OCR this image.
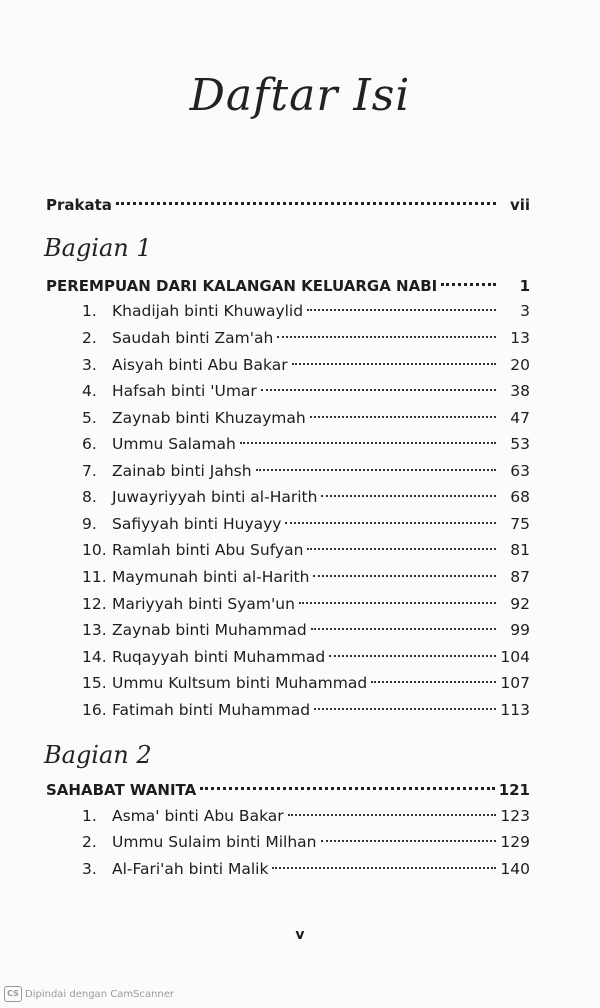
Daftar Isi
Prakata	vii
Bagian 1
PEREMPUAN DARI KALANGAN KELUARGA NABI	1
1. Khadijah binti Khuwaylid	3
2. Saudah binti Zam'ah	13
3. Aisyah binti Abu Bakar	20
4. Hafsah binti 'Umar	38
5. Zaynab binti Khuzaymah	47
6. Ummu Salamah	53
7. Zainab binti Jahsh	63
8. Juwayriyyah binti al-Harith	68
9. Safiyyah binti Huyayy	75
10. Ramlah binti Abu Sufyan	81
11. Maymunah binti al-Harith	87
12. Mariyyah binti Syam'un	92
13. Zaynab binti Muhammad	99
14. Ruqayyah binti Muhammad	104
15. Ummu Kultsum binti Muhammad	107
16. Fatimah binti Muhammad	113
Bagian 2
SAHABAT WANITA	121
1. Asma' binti Abu Bakar	123
2. Ummu Sulaim binti Milhan	129
3. Al-Fari'ah binti Malik	140
v
CS Dipindai dengan CamScanner
